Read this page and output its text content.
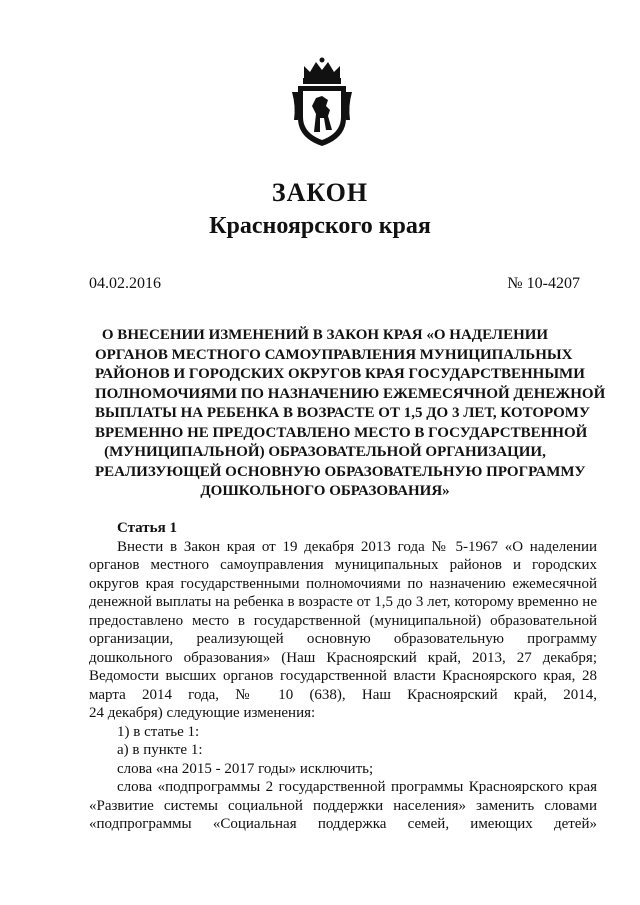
ЗАКОН
Красноярского края
04.02.2016	№ 10-4207
О ВНЕСЕНИИ ИЗМЕНЕНИЙ В ЗАКОН КРАЯ «О НАДЕЛЕНИИ
ОРГАНОВ МЕСТНОГО САМОУПРАВЛЕНИЯ МУНИЦИПАЛЬНЫХ
РАЙОНОВ И ГОРОДСКИХ ОКРУГОВ КРАЯ ГОСУДАРСТВЕННЫМИ
ПОЛНОМОЧИЯМИ ПО НАЗНАЧЕНИЮ ЕЖЕМЕСЯЧНОЙ ДЕНЕЖНОЙ
ВЫПЛАТЫ НА РЕБЕНКА В ВОЗРАСТЕ ОТ 1,5 ДО 3 ЛЕТ, КОТОРОМУ
ВРЕМЕННО НЕ ПРЕДОСТАВЛЕНО МЕСТО В ГОСУДАРСТВЕННОЙ
(МУНИЦИПАЛЬНОЙ) ОБРАЗОВАТЕЛЬНОЙ ОРГАНИЗАЦИИ,
РЕАЛИЗУЮЩЕЙ ОСНОВНУЮ ОБРАЗОВАТЕЛЬНУЮ ПРОГРАММУ
ДОШКОЛЬНОГО ОБРАЗОВАНИЯ»
Статья 1
Внести в Закон края от 19 декабря 2013 года № 5-1967 «О наделении
органов местного самоуправления муниципальных районов и городских
округов края государственными полномочиями по назначению ежемесячной
денежной выплаты на ребенка в возрасте от 1,5 до 3 лет, которому временно не
предоставлено место в государственной (муниципальной) образовательной
организации, реализующей основную образовательную программу
дошкольного образования» (Наш Красноярский край, 2013, 27 декабря;
Ведомости высших органов государственной власти Красноярского края, 28
марта 2014 года, № 10 (638), Наш Красноярский край, 2014,
24 декабря) следующие изменения:
1) в статье 1:
а) в пункте 1:
слова «на 2015 - 2017 годы» исключить;
слова «подпрограммы 2 государственной программы Красноярского края
«Развитие системы социальной поддержки населения» заменить словами
«подпрограммы «Социальная поддержка семей, имеющих детей»
